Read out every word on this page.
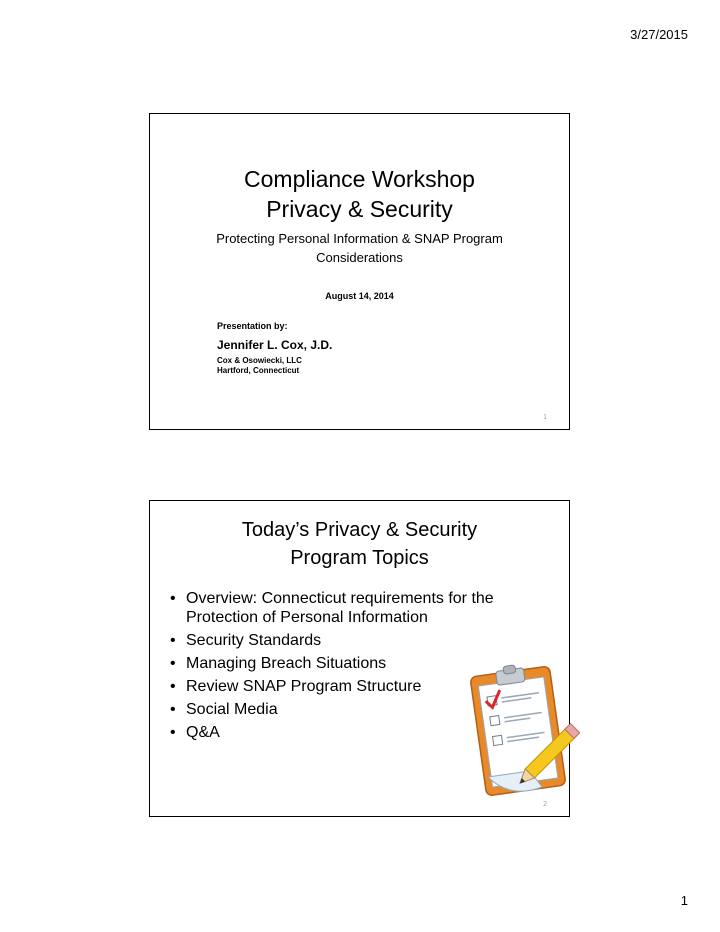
3/27/2015
Compliance Workshop
Privacy & Security
Protecting Personal Information & SNAP Program
Considerations
August 14, 2014
Presentation by:
Jennifer L. Cox, J.D.
Cox & Osowiecki, LLC
Hartford, Connecticut
1
Today’s Privacy & Security
Program Topics
• Overview: Connecticut requirements for the Protection of Personal Information
• Security Standards
• Managing Breach Situations
• Review SNAP Program Structure
• Social Media
• Q&A
2
1
